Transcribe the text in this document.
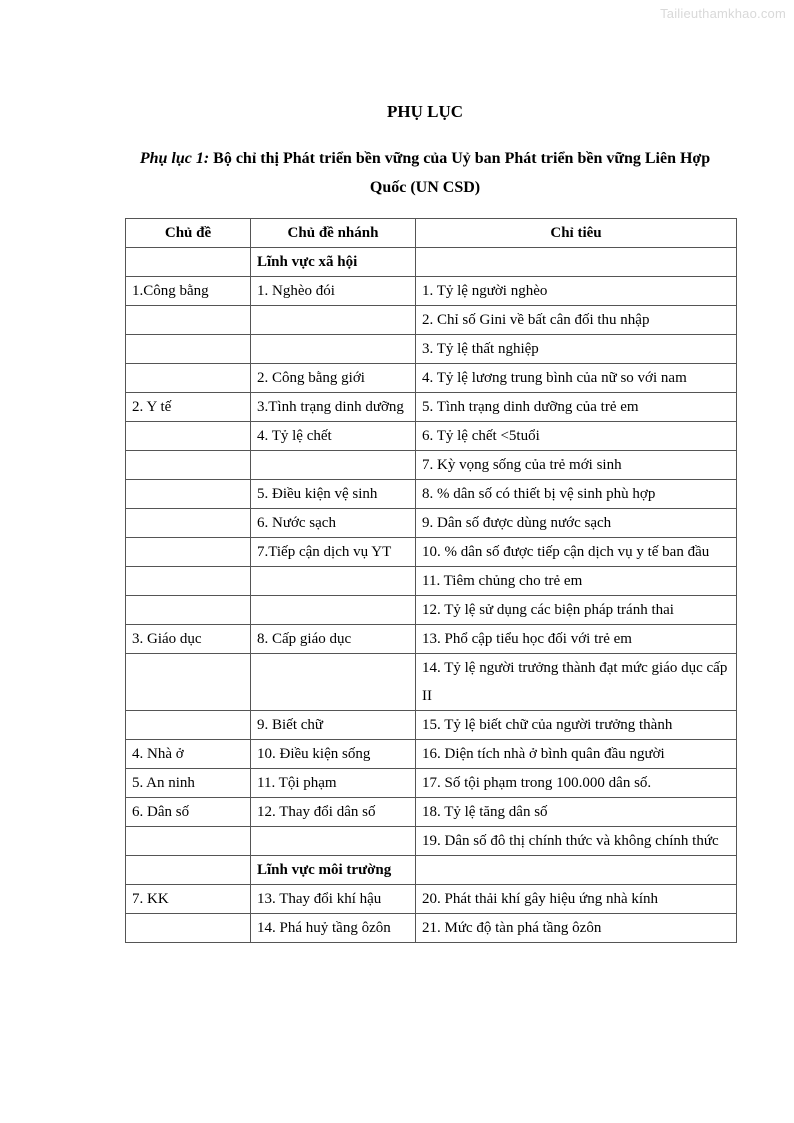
Tailieuthamkhao.com
PHỤ LỤC
Phụ lục 1: Bộ chỉ thị Phát triển bền vững của Uỷ ban Phát triển bền vững Liên Hợp Quốc (UN CSD)
Chủ đề	Chủ đề nhánh	Chỉ tiêu
	Lĩnh vực xã hội	
1.Công bằng	1. Nghèo đói	1. Tỷ lệ người nghèo
		2. Chỉ số Gini về bất cân đối thu nhập
		3. Tỷ lệ thất nghiệp
	2. Công bằng giới	4. Tỷ lệ lương trung bình của nữ so với nam
2. Y tế	3.Tình trạng dinh dưỡng	5. Tình trạng dinh dưỡng của trẻ em
	4. Tỷ lệ chết	6. Tỷ lệ chết <5tuổi
		7. Kỳ vọng sống của trẻ mới sinh
	5. Điều kiện vệ sinh	8. % dân số có thiết bị vệ sinh phù hợp
	6. Nước sạch	9. Dân số được dùng nước sạch
	7.Tiếp cận dịch vụ YT	10. % dân số được tiếp cận dịch vụ y tế ban đầu
		11. Tiêm chủng cho trẻ em
		12. Tỷ lệ sử dụng các biện pháp tránh thai
3. Giáo dục	8. Cấp giáo dục	13. Phổ cập tiểu học đối với trẻ em
		14. Tỷ lệ người trưởng thành đạt mức giáo dục cấp II
	9. Biết chữ	15. Tỷ lệ biết chữ của người trưởng thành
4. Nhà ở	10. Điều kiện sống	16. Diện tích nhà ở bình quân đầu người
5. An ninh	11. Tội phạm	17. Số tội phạm trong 100.000 dân số.
6. Dân số	12. Thay đổi dân số	18. Tỷ lệ tăng dân số
		19. Dân số đô thị chính thức và không chính thức
	Lĩnh vực môi trường	
7. KK	13. Thay đổi khí hậu	20. Phát thải khí gây hiệu ứng nhà kính
	14. Phá huỷ tầng ôzôn	21. Mức độ tàn phá tầng ôzôn
